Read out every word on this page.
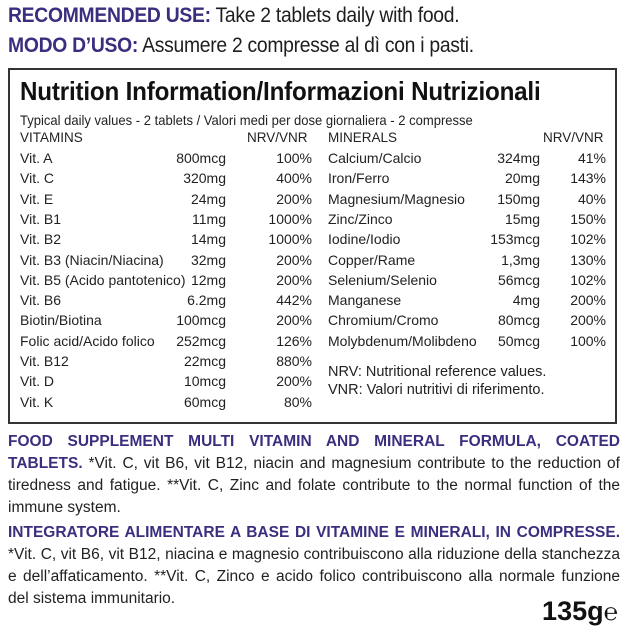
RECOMMENDED USE: Take 2 tablets daily with food.
MODO D’USO: Assumere 2 compresse al dì con i pasti.
Nutrition Information/Informazioni Nutrizionali
Typical daily values - 2 tablets / Valori medi per dose giornaliera - 2 compresse
VITAMINS	NRV/VNR MINERALS	NRV/VNR
Vit. A	800mcg	100%
Vit. C	320mg	400%
Vit. E	24mg	200%
Vit. B1	11mg	1000%
Vit. B2	14mg	1000%
Vit. B3 (Niacin/Niacina) 32mg	200%
Vit. B5 (Acido pantotenico) 12mg	200%
Vit. B6	6.2mg	442%
Biotin/Biotina	100mcg	200%
Folic acid/Acido folico 252mcg	126%
Vit. B12	22mcg	880%
Vit. D	10mcg	200%
Vit. K	60mcg	80%
Calcium/Calcio	324mg	41%
Iron/Ferro	20mg 143%
Magnesium/Magnesio 150mg	40%
Zinc/Zinco	15mg 150%
Iodine/Iodio	153mcg 102%
Copper/Rame	1,3mg 130%
Selenium/Selenio	56mcg 102%
Manganese	4mg 200%
Chromium/Cromo	80mcg 200%
Molybdenum/Molibdeno 50mcg 100%
NRV: Nutritional reference values.
VNR: Valori nutritivi di riferimento.
FOOD SUPPLEMENT MULTI VITAMIN AND MINERAL FORMULA, COATED TABLETS. *Vit. C, vit B6, vit B12, niacin and magnesium contribute to the reduction of tiredness and fatigue. **Vit. C, Zinc and folate contribute to the normal function of the immune system.
INTEGRATORE ALIMENTARE A BASE DI VITAMINE E MINERALI, IN COMPRESSE. *Vit. C, vit B6, vit B12, niacina e magnesio contribuiscono alla riduzione della stanchezza e dell’affaticamento. **Vit. C, Zinco e acido folico contribuiscono alla normale funzione del sistema immunitario.	135g℮
